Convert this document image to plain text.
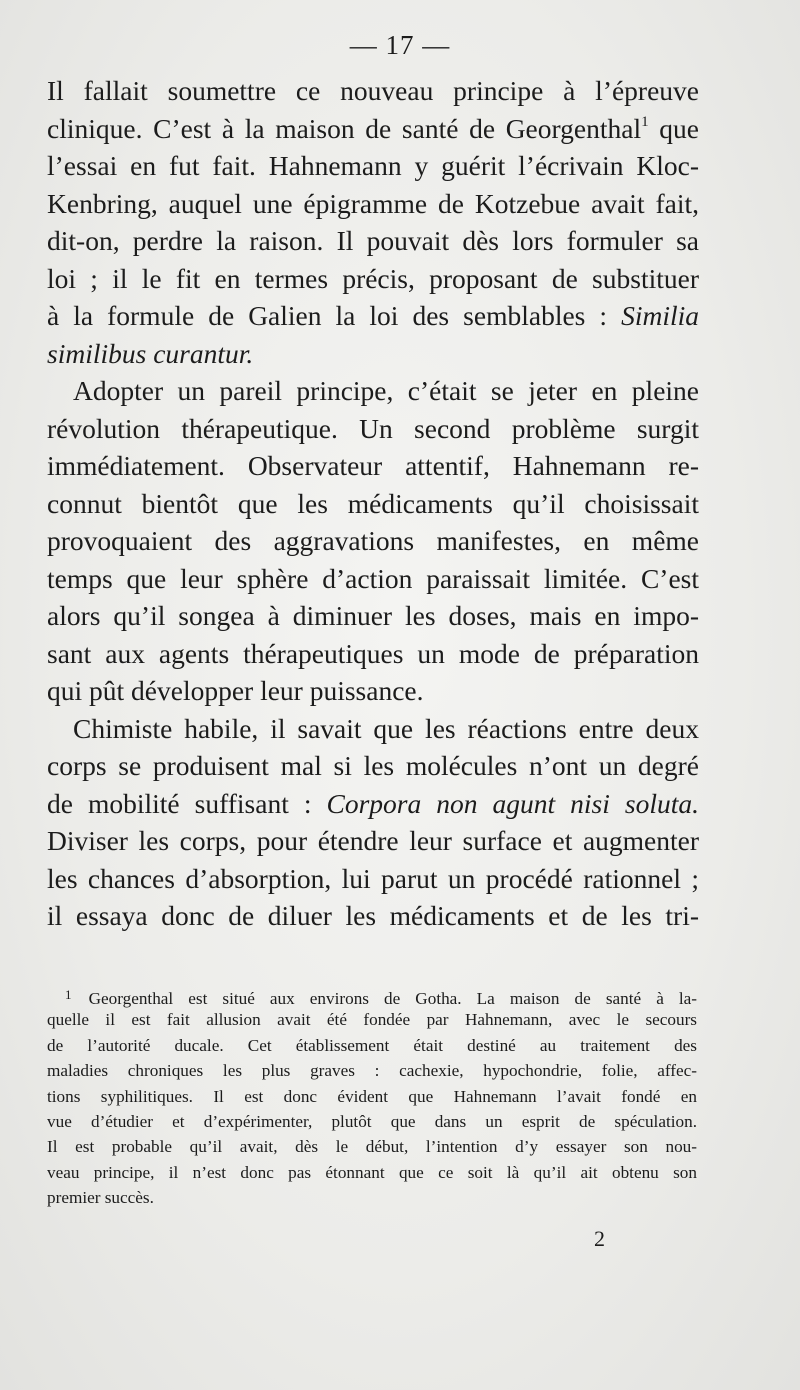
— 17 —
Il fallait soumettre ce nouveau principe à l’épreuve
clinique. C’est à la maison de santé de Georgenthal$^1$ que
l’essai en fut fait. Hahnemann y guérit l’écrivain Kloc-
Kenbring, auquel une épigramme de Kotzebue avait fait,
dit-on, perdre la raison. Il pouvait dès lors formuler sa
loi ; il le fit en termes précis, proposant de substituer
à la formule de Galien la loi des semblables : Similia
similibus curantur.
Adopter un pareil principe, c’était se jeter en pleine
révolution thérapeutique. Un second problème surgit
immédiatement. Observateur attentif, Hahnemann re-
connut bientôt que les médicaments qu’il choisissait
provoquaient des aggravations manifestes, en même
temps que leur sphère d’action paraissait limitée. C’est
alors qu’il songea à diminuer les doses, mais en impo-
sant aux agents thérapeutiques un mode de préparation
qui pût développer leur puissance.
Chimiste habile, il savait que les réactions entre deux
corps se produisent mal si les molécules n’ont un degré
de mobilité suffisant : Corpora non agunt nisi soluta.
Diviser les corps, pour étendre leur surface et augmenter
les chances d’absorption, lui parut un procédé rationnel ;
il essaya donc de diluer les médicaments et de les tri-
$^1$ Georgenthal est situé aux environs de Gotha. La maison de santé à la-
quelle il est fait allusion avait été fondée par Hahnemann, avec le secours
de l’autorité ducale. Cet établissement était destiné au traitement des
maladies chroniques les plus graves : cachexie, hypochondrie, folie, affec-
tions syphilitiques. Il est donc évident que Hahnemann l’avait fondé en
vue d’étudier et d’expérimenter, plutôt que dans un esprit de spéculation.
Il est probable qu’il avait, dès le début, l’intention d’y essayer son nou-
veau principe, il n’est donc pas étonnant que ce soit là qu’il ait obtenu son
premier succès.
2
